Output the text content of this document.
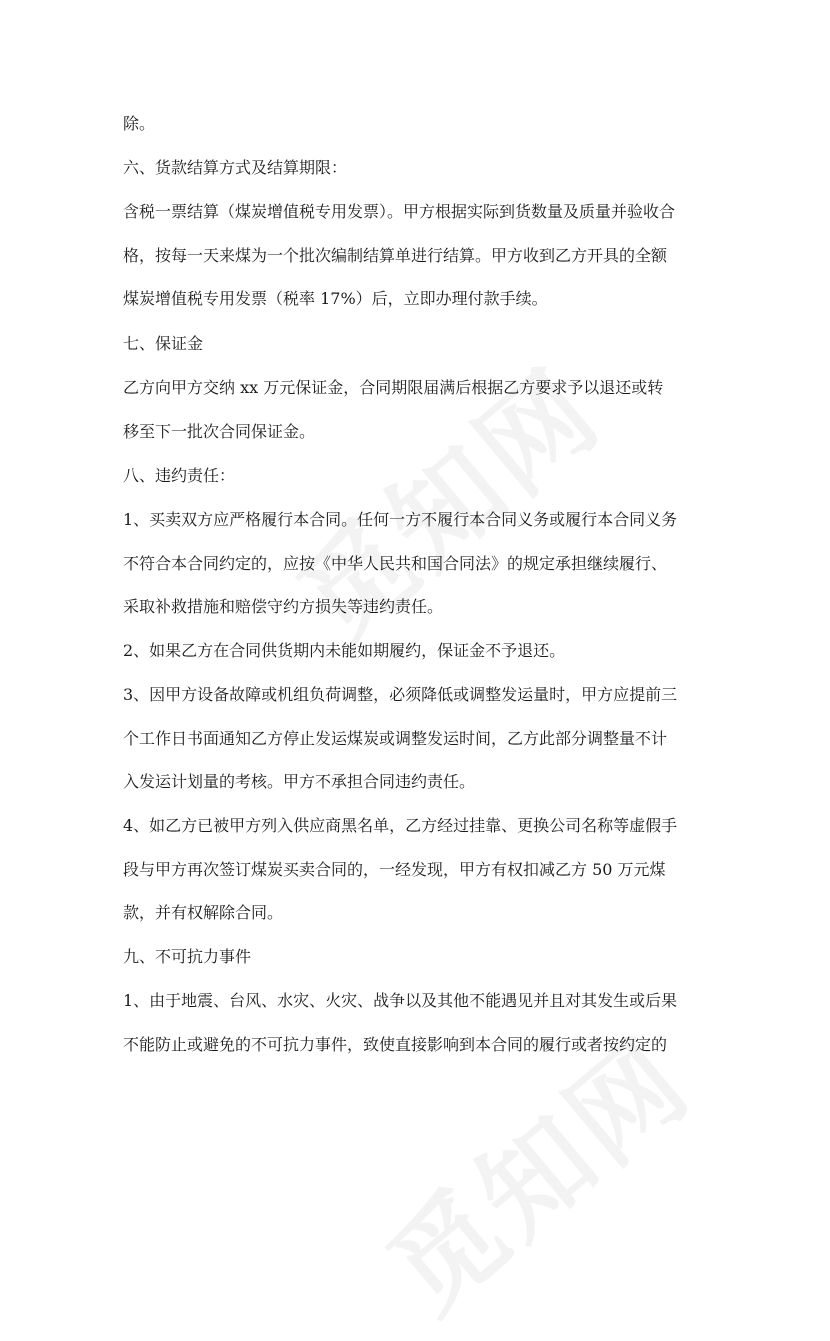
除。
六、货款结算方式及结算期限：
含税一票结算（煤炭增值税专用发票）。甲方根据实际到货数量及质量并验收合
格，按每一天来煤为一个批次编制结算单进行结算。甲方收到乙方开具的全额
煤炭增值税专用发票（税率 17%）后，立即办理付款手续。
七、保证金
乙方向甲方交纳 xx 万元保证金，合同期限届满后根据乙方要求予以退还或转
移至下一批次合同保证金。
八、违约责任：
1、买卖双方应严格履行本合同。任何一方不履行本合同义务或履行本合同义务
不符合本合同约定的，应按《中华人民共和国合同法》的规定承担继续履行、
采取补救措施和赔偿守约方损失等违约责任。
2、如果乙方在合同供货期内未能如期履约，保证金不予退还。
3、因甲方设备故障或机组负荷调整，必须降低或调整发运量时，甲方应提前三
个工作日书面通知乙方停止发运煤炭或调整发运时间，乙方此部分调整量不计
入发运计划量的考核。甲方不承担合同违约责任。
4、如乙方已被甲方列入供应商黑名单，乙方经过挂靠、更换公司名称等虚假手
段与甲方再次签订煤炭买卖合同的，一经发现，甲方有权扣减乙方 50 万元煤
款，并有权解除合同。
九、不可抗力事件
1、由于地震、台风、水灾、火灾、战争以及其他不能遇见并且对其发生或后果
不能防止或避免的不可抗力事件，致使直接影响到本合同的履行或者按约定的
